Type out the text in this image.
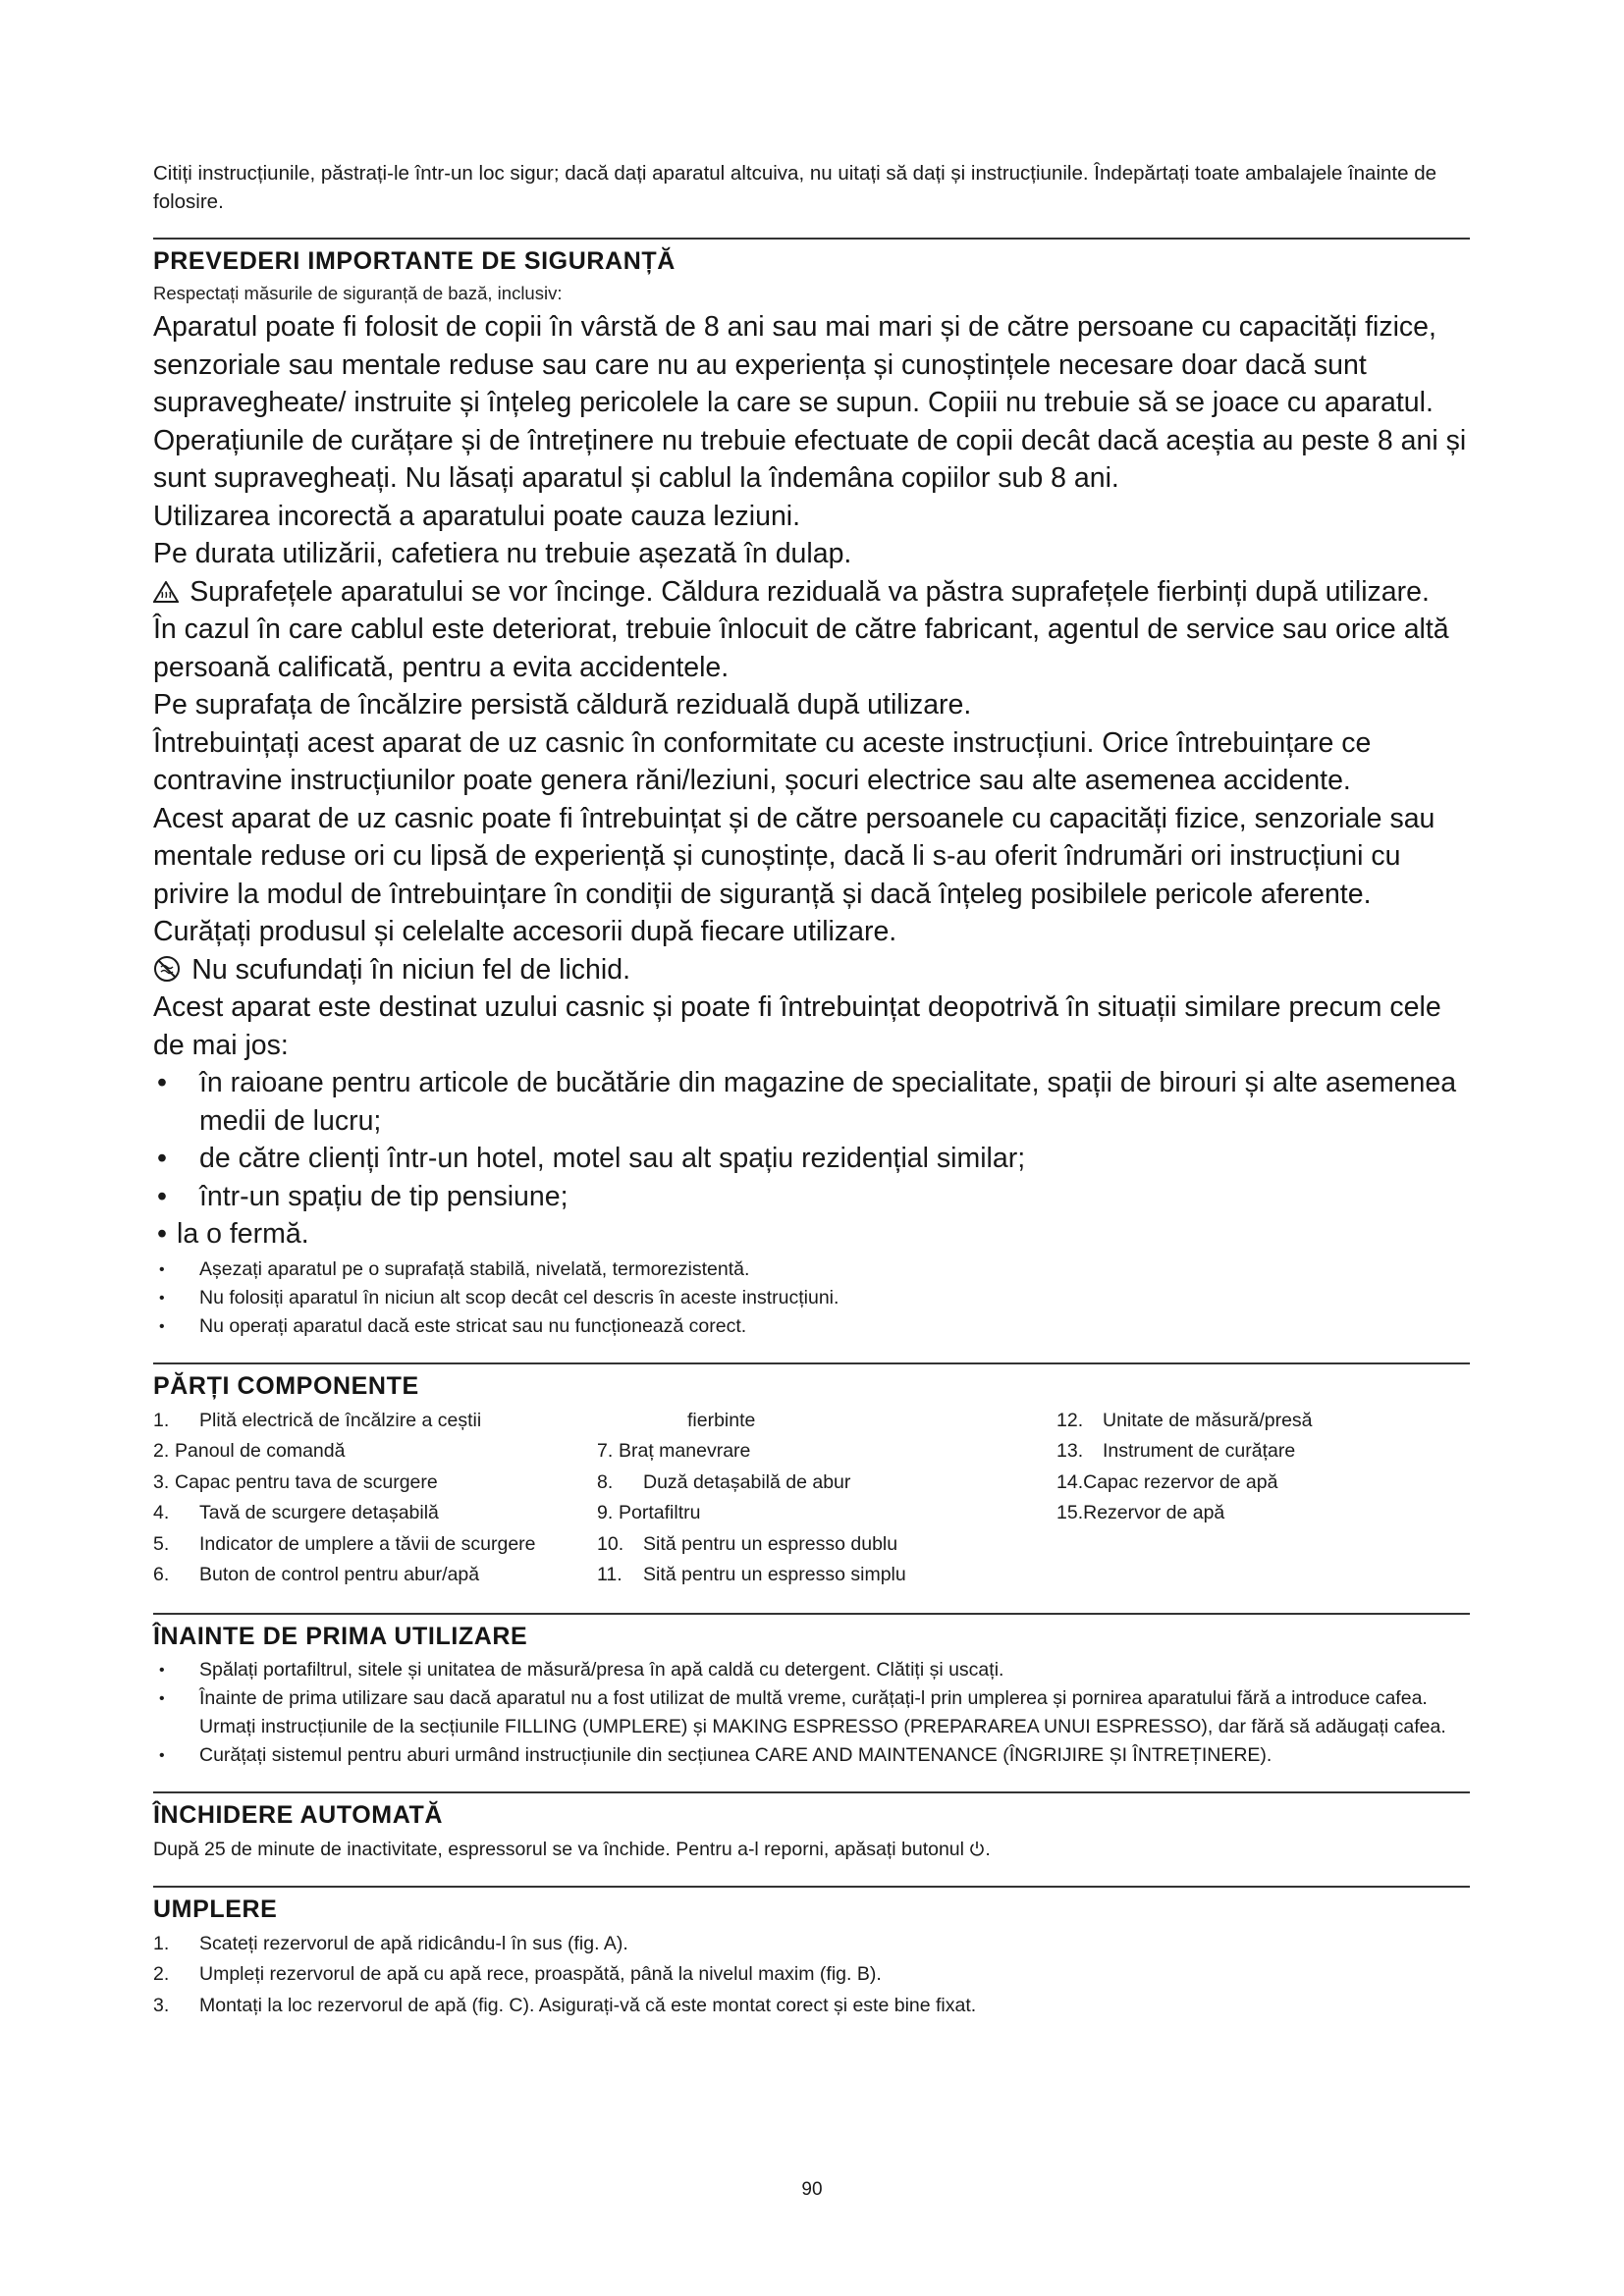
Citiți instrucțiunile, păstrați-le într-un loc sigur; dacă dați aparatul altcuiva, nu uitați să dați și instrucțiunile. Îndepărtați toate ambalajele înainte de folosire.

PREVEDERI IMPORTANTE DE SIGURANȚĂ

Respectați măsurile de siguranță de bază, inclusiv:

Aparatul poate fi folosit de copii în vârstă de 8 ani sau mai mari și de către persoane cu capacități fizice, senzoriale sau mentale reduse sau care nu au experiența și cunoștințele necesare doar dacă sunt supravegheate/ instruite și înțeleg pericolele la care se supun. Copiii nu trebuie să se joace cu aparatul.

Operațiunile de curățare și de întreținere nu trebuie efectuate de copii decât dacă aceștia au peste 8 ani și sunt supravegheați. Nu lăsați aparatul și cablul la îndemâna copiilor sub 8 ani.

Utilizarea incorectă a aparatului poate cauza leziuni.

Pe durata utilizării, cafetiera nu trebuie așezată în dulap.

Suprafețele aparatului se vor încinge. Căldura reziduală va păstra suprafețele fierbinți după utilizare.

În cazul în care cablul este deteriorat, trebuie înlocuit de către fabricant, agentul de service sau orice altă persoană calificată, pentru a evita accidentele.

Pe suprafața de încălzire persistă căldură reziduală după utilizare.

Întrebuințați acest aparat de uz casnic în conformitate cu aceste instrucțiuni. Orice întrebuințare ce contravine instrucțiunilor poate genera răni/leziuni, șocuri electrice sau alte asemenea accidente.

Acest aparat de uz casnic poate fi întrebuințat și de către persoanele cu capacități fizice, senzoriale sau mentale reduse ori cu lipsă de experiență și cunoștințe, dacă li s-au oferit îndrumări ori instrucțiuni cu privire la modul de întrebuințare în condiții de siguranță și dacă înțeleg posibilele pericole aferente.

Curățați produsul și celelalte accesorii după fiecare utilizare.

Nu scufundați în niciun fel de lichid.

Acest aparat este destinat uzului casnic și poate fi întrebuințat deopotrivă în situații similare precum cele de mai jos:

• în raioane pentru articole de bucătărie din magazine de specialitate, spații de birouri și alte asemenea medii de lucru;
• de către clienți într-un hotel, motel sau alt spațiu rezidențial similar;
• într-un spațiu de tip pensiune;
• la o fermă.
• Așezați aparatul pe o suprafață stabilă, nivelată, termorezistentă.
• Nu folosiți aparatul în niciun alt scop decât cel descris în aceste instrucțiuni.
• Nu operați aparatul dacă este stricat sau nu funcționează corect.
PĂRȚI COMPONENTE
1. Plită electrică de încălzire a ceștii
2. Panoul de comandă
3. Capac pentru tava de scurgere
4. Tavă de scurgere detașabilă
5. Indicator de umplere a tăvii de scurgere
6. Buton de control pentru abur/apă
fierbinte
7. Braț manevrare
8. Duză detașabilă de abur
9. Portafiltru
10. Sită pentru un espresso dublu
11. Sită pentru un espresso simplu
12. Unitate de măsură/presă
13. Instrument de curățare
14.Capac rezervor de apă
15.Rezervor de apă
ÎNAINTE DE PRIMA UTILIZARE
• Spălați portafiltrul, sitele și unitatea de măsură/presa în apă caldă cu detergent. Clătiți și uscați.
• Înainte de prima utilizare sau dacă aparatul nu a fost utilizat de multă vreme, curățați-l prin umplerea și pornirea aparatului fără a introduce cafea. Urmați instrucțiunile de la secțiunile FILLING (UMPLERE) și MAKING ESPRESSO (PREPARAREA UNUI ESPRESSO), dar fără să adăugați cafea.
• Curățați sistemul pentru aburi urmând instrucțiunile din secțiunea CARE AND MAINTENANCE (ÎNGRIJIRE ȘI ÎNTREȚINERE).
ÎNCHIDERE AUTOMATĂ

După 25 de minute de inactivitate, espressorul se va închide. Pentru a-l reporni, apăsați butonul .

UMPLERE
1. Scateți rezervorul de apă ridicându-l în sus (fig. A).
2. Umpleți rezervorul de apă cu apă rece, proaspătă, până la nivelul maxim (fig. B).
3. Montați la loc rezervorul de apă (fig. C). Asigurați-vă că este montat corect și este bine fixat.
90
